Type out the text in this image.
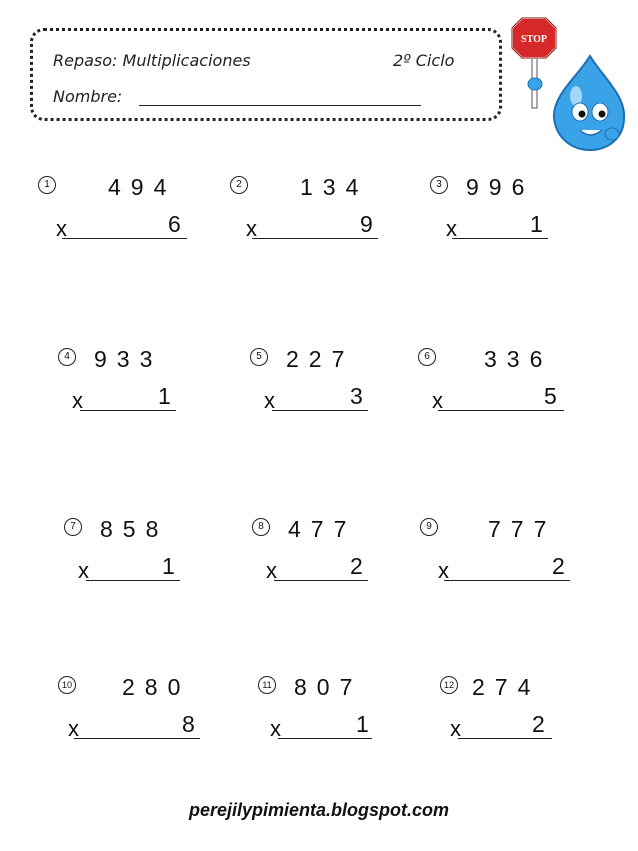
Repaso: Multiplicaciones	2º Ciclo
Nombre:
STOP
1	494
x	6
2	134
x	9
3 996
x	1
4 933
x	1
5 227
x	3
6 336
x	5
7 858
x	1
8 477
x	2
9 777
x	2
10 280
x	8
11 807
x	1
12 274
x	2
perejilypimienta.blogspot.com
